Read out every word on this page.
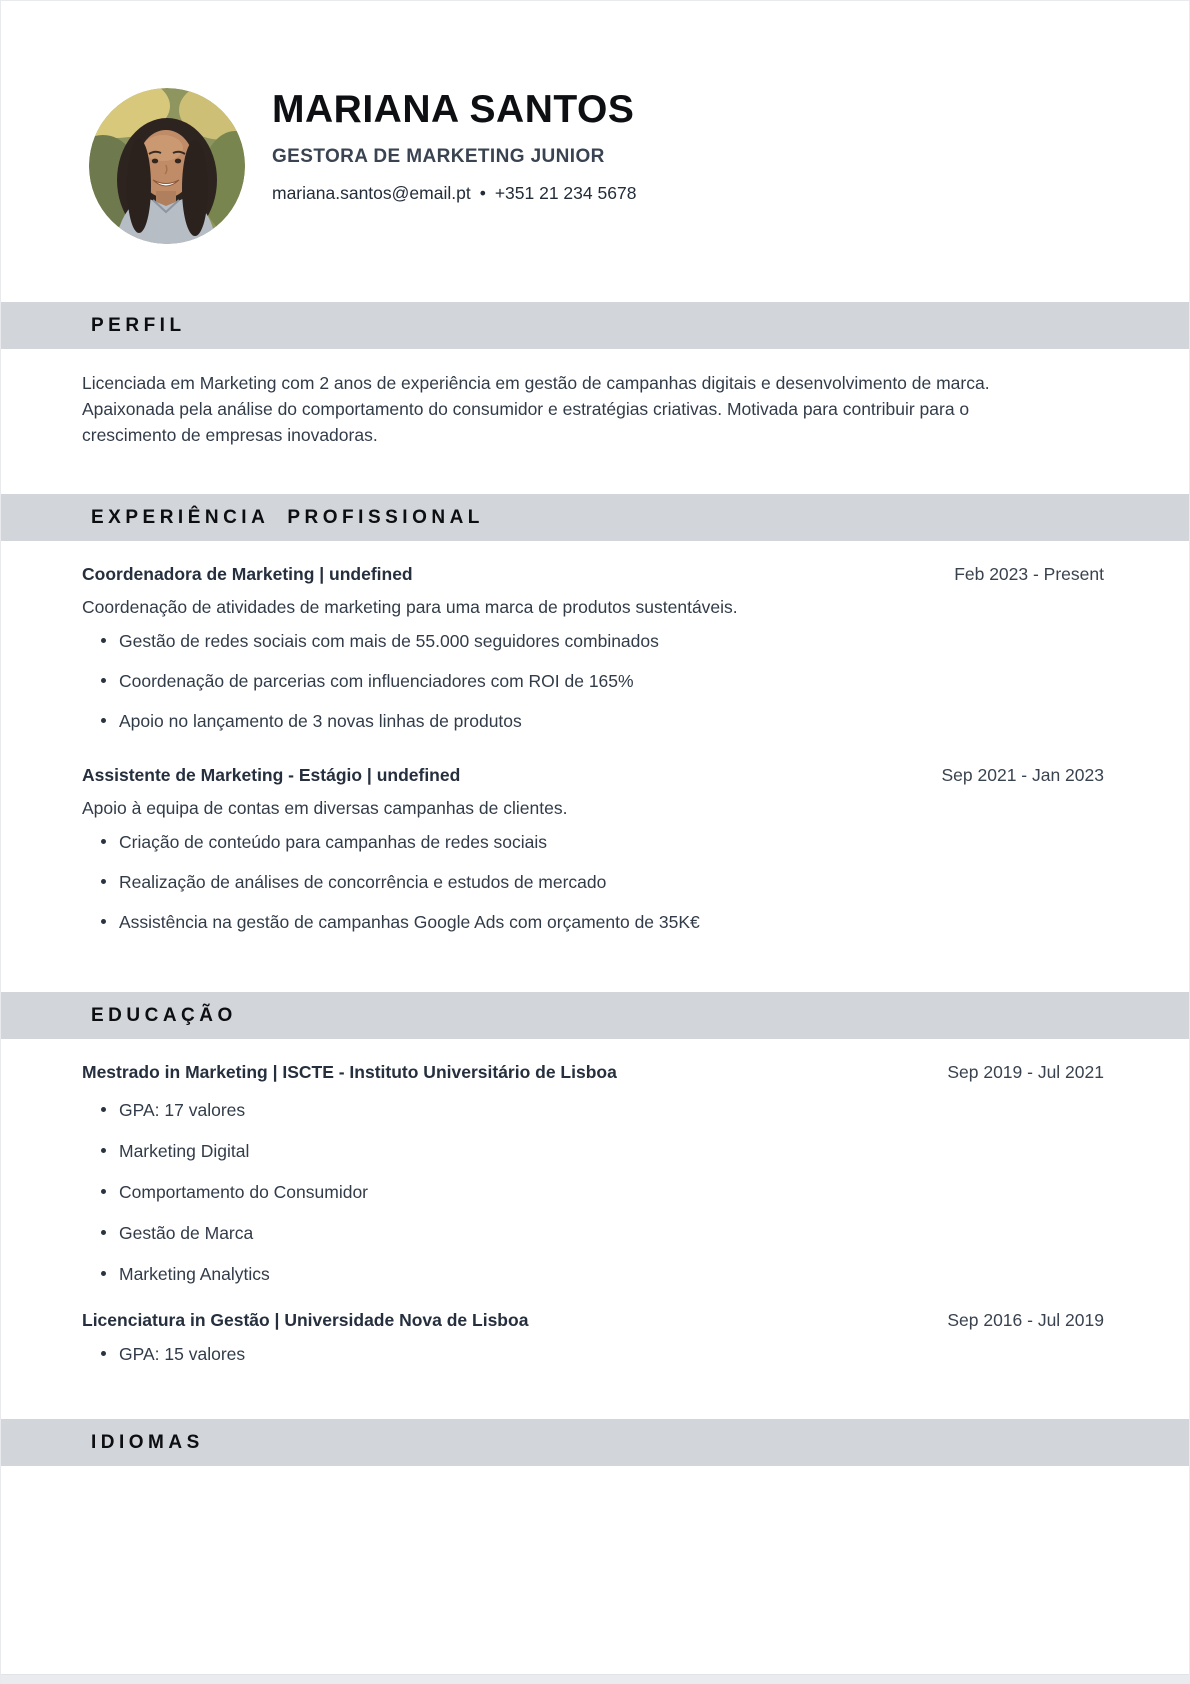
MARIANA SANTOS
GESTORA DE MARKETING JUNIOR
mariana.santos@email.pt • +351 21 234 5678
PERFIL

Licenciada em Marketing com 2 anos de experiência em gestão de campanhas digitais e desenvolvimento de marca. Apaixonada pela análise do comportamento do consumidor e estratégias criativas. Motivada para contribuir para o crescimento de empresas inovadoras.

EXPERIÊNCIA PROFISSIONAL
Coordenadora de Marketing | undefined	Feb 2023 - Present

Coordenação de atividades de marketing para uma marca de produtos sustentáveis.

Gestão de redes sociais com mais de 55.000 seguidores combinados
Coordenação de parcerias com influenciadores com ROI de 165%
Apoio no lançamento de 3 novas linhas de produtos
Assistente de Marketing - Estágio | undefined	Sep 2021 - Jan 2023

Apoio à equipa de contas em diversas campanhas de clientes.

Criação de conteúdo para campanhas de redes sociais
Realização de análises de concorrência e estudos de mercado
Assistência na gestão de campanhas Google Ads com orçamento de 35K€
EDUCAÇÃO
Mestrado in Marketing | ISCTE - Instituto Universitário de Lisboa	Sep 2019 - Jul 2021
GPA: 17 valores
Marketing Digital
Comportamento do Consumidor
Gestão de Marca
Marketing Analytics
Licenciatura in Gestão | Universidade Nova de Lisboa	Sep 2016 - Jul 2019
GPA: 15 valores
IDIOMAS
